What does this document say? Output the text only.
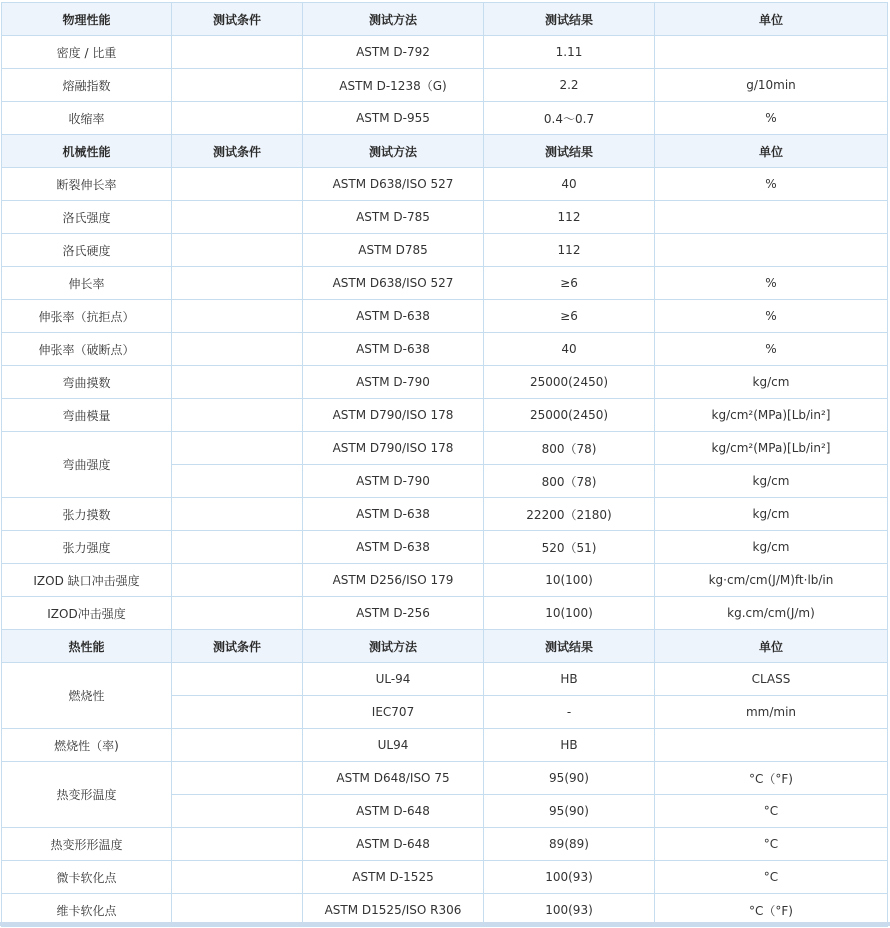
物理性能	测试条件	测试方法	测试结果	单位
密度 / 比重		ASTM D-792	1.11	
熔融指数		ASTM D-1238（G)	2.2	g/10min
收缩率		ASTM D-955	0.4～0.7	%
机械性能	测试条件	测试方法	测试结果	单位
断裂伸长率		ASTM D638/ISO 527	40	%
洛氏强度		ASTM D-785	112	
洛氏硬度		ASTM D785	112	
伸长率		ASTM D638/ISO 527	≥6	%
伸张率（抗拒点）		ASTM D-638	≥6	%
伸张率（破断点）		ASTM D-638	40	%
弯曲摸数		ASTM D-790	25000(2450)	kg/cm
弯曲模量		ASTM D790/ISO 178	25000(2450)	kg/cm²(MPa)[Lb/in²]
弯曲强度		ASTM D790/ISO 178	800（78)	kg/cm²(MPa)[Lb/in²]
		ASTM D-790	800（78)	kg/cm
张力摸数		ASTM D-638	22200（2180)	kg/cm
张力强度		ASTM D-638	520（51)	kg/cm
IZOD 缺口冲击强度		ASTM D256/ISO 179	10(100)	kg·cm/cm(J/M)ft·lb/in
IZOD冲击强度		ASTM D-256	10(100)	kg.cm/cm(J/m)
热性能	测试条件	测试方法	测试结果	单位
燃烧性		UL-94	HB	CLASS
		IEC707	-	mm/min
燃烧性（率)		UL94	HB	
热变形温度		ASTM D648/ISO 75	95(90)	°C（°F)
		ASTM D-648	95(90)	°C
热变形形温度		ASTM D-648	89(89)	°C
微卡软化点		ASTM D-1525	100(93)	°C
维卡软化点		ASTM D1525/ISO R306	100(93)	°C（°F)
